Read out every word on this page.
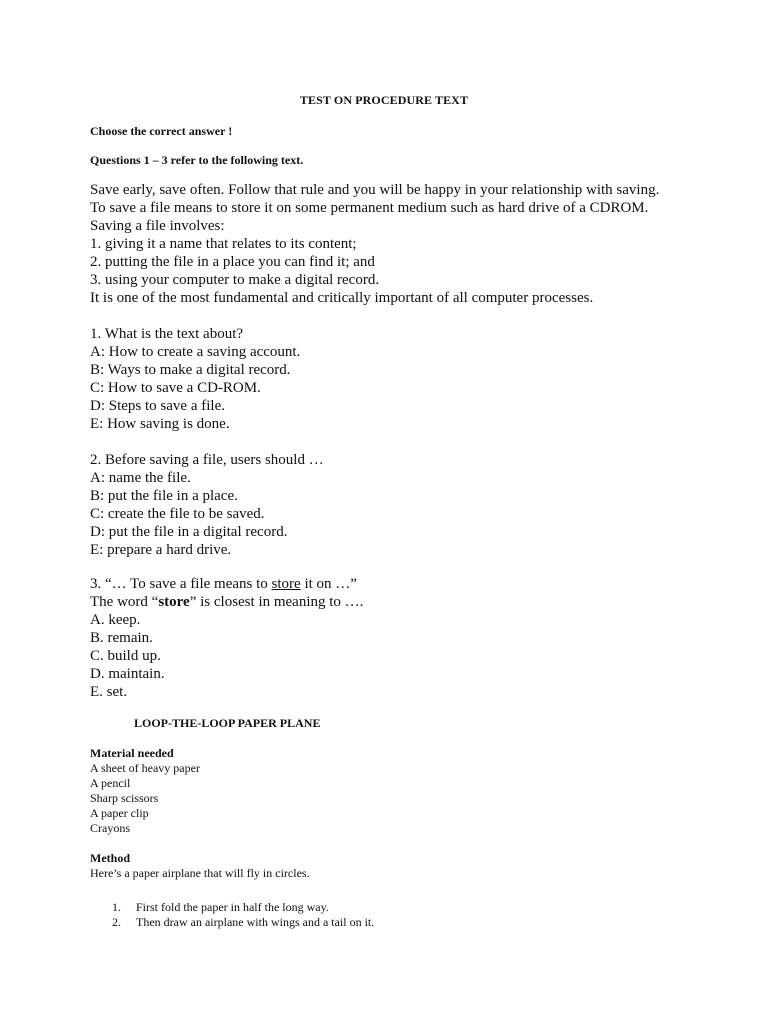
TEST ON PROCEDURE TEXT
Choose the correct answer !
Questions 1 – 3 refer to the following text.
Save early, save often. Follow that rule and you will be happy in your relationship with saving.
To save a file means to store it on some permanent medium such as hard drive of a CDROM.
Saving a file involves:
1. giving it a name that relates to its content;
2. putting the file in a place you can find it; and
3. using your computer to make a digital record.
It is one of the most fundamental and critically important of all computer processes.
1. What is the text about?
A: How to create a saving account.
B: Ways to make a digital record.
C: How to save a CD-ROM.
D: Steps to save a file.
E: How saving is done.
2. Before saving a file, users should …
A: name the file.
B: put the file in a place.
C: create the file to be saved.
D: put the file in a digital record.
E: prepare a hard drive.
3. “… To save a file means to store it on …”
The word “store” is closest in meaning to ….
A. keep.
B. remain.
C. build up.
D. maintain.
E. set.
LOOP-THE-LOOP PAPER PLANE
Material needed
A sheet of heavy paper
A pencil
Sharp scissors
A paper clip
Crayons
Method
Here’s a paper airplane that will fly in circles.
1. First fold the paper in half the long way.
2. Then draw an airplane with wings and a tail on it.
